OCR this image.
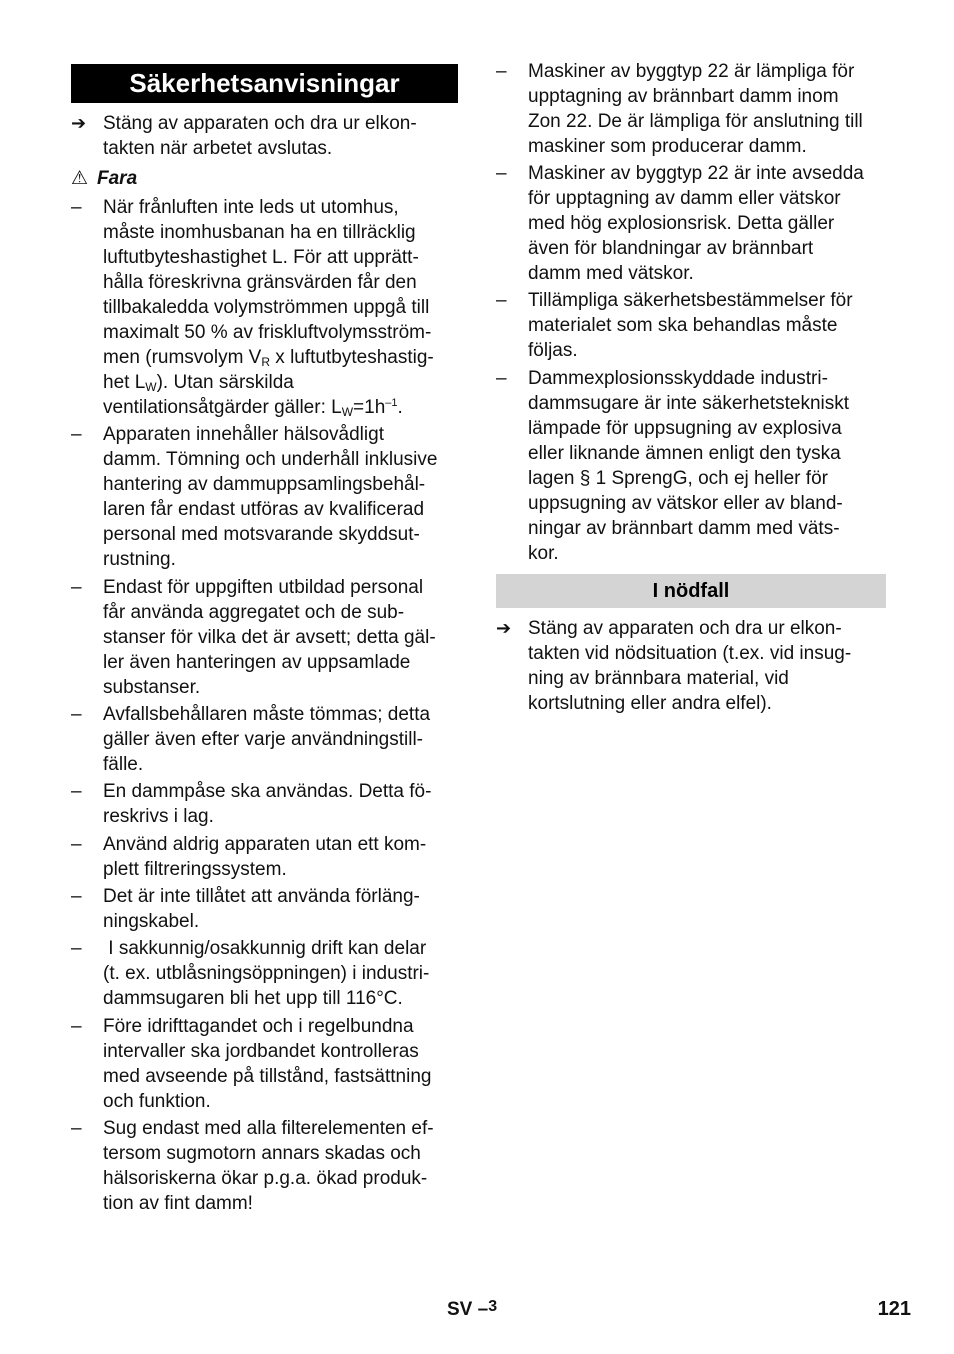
Säkerhetsanvisningar
➔ Stäng av apparaten och dra ur elkon-
takten när arbetet avslutas.
⚠ Fara
–	När frånluften inte leds ut utomhus,
måste inomhusbanan ha en tillräcklig
luftutbyteshastighet L. För att upprätt-
hålla föreskrivna gränsvärden får den
tillbakaledda volymströmmen uppgå till
maximalt 50 % av friskluftvolymsström-
men (rumsvolym $V_R$ x luftutbyteshastig-
het $L_W$). Utan särskilda
ventilationsåtgärder gäller: $L_W=1h^{-1}$.
–	Apparaten innehåller hälsovådligt
damm. Tömning och underhåll inklusive
hantering av dammuppsamlingsbehål-
laren får endast utföras av kvalificerad
personal med motsvarande skyddsut-
rustning.
–	Endast för uppgiften utbildad personal
får använda aggregatet och de sub-
stanser för vilka det är avsett; detta gäl-
ler även hanteringen av uppsamlade
substanser.
–	Avfallsbehållaren måste tömmas; detta
gäller även efter varje användningstill-
fälle.
–	En dammpåse ska användas. Detta fö-
reskrivs i lag.
–	Använd aldrig apparaten utan ett kom-
plett filtreringssystem.
–	Det är inte tillåtet att använda förläng-
ningskabel.
–	I sakkunnig/osakkunnig drift kan delar
(t. ex. utblåsningsöppningen) i industri-
dammsugaren bli het upp till 116°C.
–	Före idrifttagandet och i regelbundna
intervaller ska jordbandet kontrolleras
med avseende på tillstånd, fastsättning
och funktion.
–	Sug endast med alla filterelementen ef-
tersom sugmotorn annars skadas och
hälsoriskerna ökar p.g.a. ökad produk-
tion av fint damm!
–	Maskiner av byggtyp 22 är lämpliga för
upptagning av brännbart damm inom
Zon 22. De är lämpliga för anslutning till
maskiner som producerar damm.
–	Maskiner av byggtyp 22 är inte avsedda
för upptagning av damm eller vätskor
med hög explosionsrisk. Detta gäller
även för blandningar av brännbart
damm med vätskor.
–	Tillämpliga säkerhetsbestämmelser för
materialet som ska behandlas måste
följas.
–	Dammexplosionsskyddade industri-
dammsugare är inte säkerhetstekniskt
lämpade för uppsugning av explosiva
eller liknande ämnen enligt den tyska
lagen § 1 SprengG, och ej heller för
uppsugning av vätskor eller av bland-
ningar av brännbart damm med väts-
kor.
I nödfall
➔ Stäng av apparaten och dra ur elkon-
takten vid nödsituation (t.ex. vid insug-
ning av brännbara material, vid
kortslutning eller andra elfel).
SV –$^3$	121
